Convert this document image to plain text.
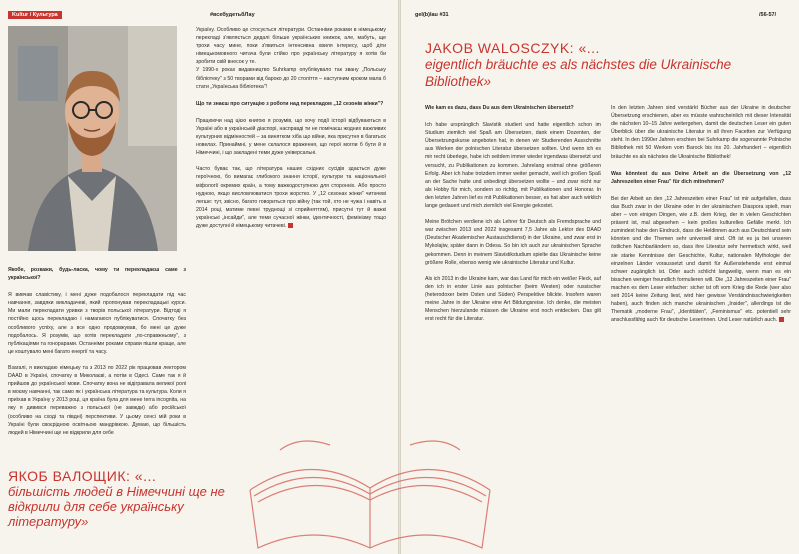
Kultur / Культура	#всебудетьбЛау

Якобе, розкажи, будь-ласка, чому ти перекладаєш саме з української?

Я вивчав славістику, і мені дуже подобалося перекладати під час навчання, завдяки викладачеві, який пропонував перекладацькі курси. Ми мали перекладати уривки з творів польської літератури. Відтоді я постійно щось перекладаю і намагаюся публікуватися. Спочатку без особливого успіху, але з все одно продовжував, бо мені це дуже подобалось. Я розумів, що хотів перекладати „по-справжньому", з публікаціями та гонорарами. Останніми роками справи пішли краще, але це коштувало мені багато енергії та часу.

Взагалі, я викладаю німецьку та з 2013 по 2022 рік працював лектором DAAD в Україні, спочатку в Миколаєві, а потім в Одесі. Саме так я й прийшов до української мови. Спочатку вона не відігравала великої ролі в моєму навчанні, так само як і українська література та культура. Коли я приїхав в Україну у 2013 році, ця країна була для мене terra incognita, на яку я дивився переважно з польської (не завжди) або російської (особливо на сході та півдні) перспективи. У цьому сенсі мій роки в Україні були своєрідною освітньою мандрівкою. Думаю, що більшість людей в Німеччині ще не відкрили для себе

Україну. Особливо це стосується літератури. Останніми роками в німецькому перекладі з'являється дедалі більше українських книжок, але, мабуть, ще трохи часу мине, поки з'явиться інтенсивна хвиля інтересу, щоб діти німецькомовного читача були стійко про українську літературу я хотів би зробити свій внесок у те.

У 1990-х роках видавництво Suhrkamp опублікувало так звану „Польську бібліотеку" з 50 творами від бароко до 20 століття – наступним кроком мала б стати „Українська бібліотека"!

Що ти знаєш про ситуацію з роботи над перекладом „12 сезонів жінки"?

Працюючи над цією книгою я розумів, що хочу події історії відбуваються в Україні або в українській діаспорі, насправді ти не помічаєш жодних важливих культурних відмінностей – за винятком хіба що війни, яка присутня в багатьох новелах. Принаймні, у мене склалося враження, що герої могли б бути й в Німеччині, і що закладені теми дуже універсальні.

Часто буває так, що література наших східних сусідів здається дуже героїчною, бо вимагає глибокого знання історії, культури та національної міфології окремих країн, а тому важкодоступною для сторонніх. Або просто нудною, якщо висловлюватися трохи жорстко. У „12 сезонах жінки" читачеві легше: тут, звісно, багато говориться про війну (так той, хто не чужа і навіть в 2014 році, матиме певні труднощі зі сприйняттям), присутні тут й важкі українські „інсайди", але теми сучасної жінки, ідентичності, фемінізму тощо дуже доступні й німецькому читачеві.

ЯКОБ ВАЛОЩИК: «...
більшість людей в Німеччині ще не відкрили для себе українську літературу»
gel(b)lau #31	/56-57/
JAKOB WALOSCZYK: «...
eigentlich bräuchte es als nächstes die Ukrainische Bibliothek»

Wie kam es dazu, dass Du aus dem Ukrainischen übersetzt?

Ich habe ursprünglich Slavistik studiert und hatte eigentlich schon im Studium ziemlich viel Spaß am Übersetzen, dank einem Dozenten, der Übersetzungskurse angeboten hat, in denen wir Studierenden Ausschnitte aus Werken der polnischen Literatur übersetzen sollten. Und wenn ich es mir recht überlege, habe ich seitdem immer wieder irgendwas übersetzt und versucht, zu Publikationen zu kommen. Jahrelang erstmal ohne größeren Erfolg. Aber ich habe trotzdem immer weiter gemacht, weil ich großen Spaß an der Sache hatte und unbedingt übersetzen wollte – und zwar nicht nur als Hobby für mich, sondern so richtig, mit Publikationen und Honorar. In den letzten Jahren lief es mit Publikationen besser, es hat aber auch wirklich lange gedauert und mich ziemlich viel Energie gekostet.

Meine Brötchen verdiene ich als Lehrer für Deutsch als Fremdsprache und war zwischen 2013 und 2022 insgesamt 7,5 Jahre als Lektor des DAAD (Deutscher Akademischer Austauschdienst) in der Ukraine, und zwar erst in Mykolajiw, später dann in Odesa. So bin ich auch zur ukrainischen Sprache gekommen. Denn in meinem Slavistikstudium spielte das Ukrainische keine größere Rolle, ebenso wenig wie ukrainische Literatur und Kultur.

Als ich 2013 in die Ukraine kam, war das Land für mich ein weißer Fleck, auf den ich in erster Linie aus polnischer (beim Westen) oder russischer (heterodoxer beim Osten und Süden) Perspektive blickte. Insofern waren meine Jahre in der Ukraine eine Art Bildungsreise. Ich denke, die meisten Menschen hierzulande müssen die Ukraine erst noch entdecken. Das gilt erst recht für die Literatur.

In den letzten Jahren sind verstärkt Bücher aus der Ukraine in deutscher Übersetzung erschienen, aber es müsste wahrscheinlich mit dieser Intensität die nächsten 10–15 Jahre weitergehen, damit die deutschen Leser ein guten Überblick über die ukrainische Literatur in all ihren Facetten zur Verfügung steht. In den 1990er Jahren erschien bei Suhrkamp die sogenannte Polnische Bibliothek mit 50 Werken vom Barock bis ins 20. Jahrhundert – eigentlich bräuchte es als nächstes die Ukrainische Bibliothek!

Was könntest du aus Deine Arbeit an die Übersetzung von „12 Jahreszeiten einer Frau" für dich mitnehmen?

Bei der Arbeit an den „12 Jahreszeiten einer Frau" ist mir aufgefallen, dass das Buch zwar in der Ukraine oder in der ukrainischen Diaspora spielt, man aber – von einigen Dingen, wie z.B. dem Krieg, der in vielen Geschichten präsent ist, mal abgesehen – kein großes kulturelles Gefälle merkt. Ich zumindest habe den Eindruck, dass die Heldinnen auch aus Deutschland sein könnten und die Themen sehr universell sind. Oft ist es ja bei unseren östlichen Nachbarländern so, dass ihre Literatur sehr hermetisch wirkt, weil sie starke Kenntnisse der Geschichte, Kultur, nationalen Mythologie der einzelnen Länder voraussetzt und damit für Außenstehende erst einmal schwer zugänglich ist. Oder auch schlicht langweilig, wenn man es ein bisschen weniger freundlich formulieren will. Die „12 Jahreszeiten einer Frau" machen es dem Leser einfacher: sicher ist oft vom Krieg die Rede (wer also seit 2014 keine Zeitung liest, wird hier gewisse Verständnisschwierigkeiten haben), auch finden sich manche ukrainischen „Insider", allerdings ist die Thematik „moderne Frau", „Identitäten", „Feminismus" etc. potentiell sehr anschlussfähig auch für deutsche Leserinnen. Und Leser natürlich auch.
